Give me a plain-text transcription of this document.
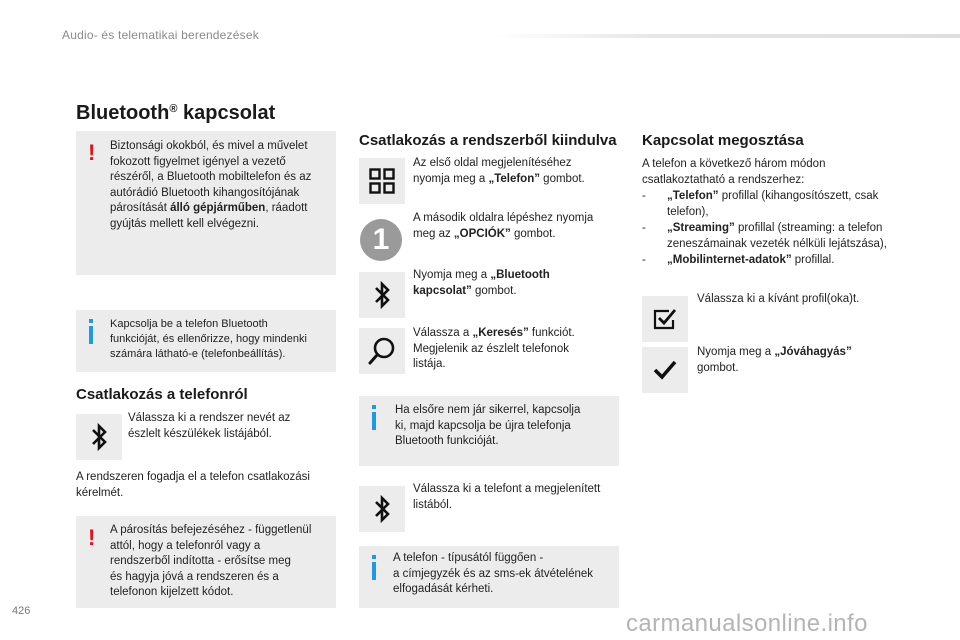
Audio- és telematikai berendezések
Bluetooth® kapcsolat
! Biztonsági okokból, és mivel a művelet
fokozott figyelmet igényel a vezető
részéről, a Bluetooth mobiltelefon és az
autórádió Bluetooth kihangosítójának
párosítását álló gépjárműben, ráadott
gyújtás mellett kell elvégezni.
Kapcsolja be a telefon Bluetooth
funkcióját, és ellenőrizze, hogy mindenki
számára látható-e (telefonbeállítás).
Csatlakozás a telefonról
Válassza ki a rendszer nevét az
észlelt készülékek listájából.
A rendszeren fogadja el a telefon csatlakozási
kérelmét.
! A párosítás befejezéséhez - függetlenül
attól, hogy a telefonról vagy a
rendszerből indította - erősítse meg
és hagyja jóvá a rendszeren és a
telefonon kijelzett kódot.
Csatlakozás a rendszerből kiindulva
Az első oldal megjelenítéséhez
nyomja meg a „Telefon” gombot.
1
A második oldalra lépéshez nyomja
meg az „OPCIÓK” gombot.
Nyomja meg a „Bluetooth
kapcsolat” gombot.
Válassza a „Keresés” funkciót.
Megjelenik az észlelt telefonok
listája.
Ha elsőre nem jár sikerrel, kapcsolja
ki, majd kapcsolja be újra telefonja
Bluetooth funkcióját.
Válassza ki a telefont a megjelenített
listából.
A telefon - típusától függően -
a címjegyzék és az sms-ek átvételének
elfogadását kérheti.
Kapcsolat megosztása
A telefon a következő három módon
csatlakoztatható a rendszerhez:
- „Telefon” profillal (kihangosítószett, csak
telefon),
- „Streaming” profillal (streaming: a telefon
zeneszámainak vezeték nélküli lejátszása),
- „Mobilinternet-adatok” profillal.
Válassza ki a kívánt profil(oka)t.
Nyomja meg a „Jóváhagyás”
gombot.
426	carmanualsonline.info
